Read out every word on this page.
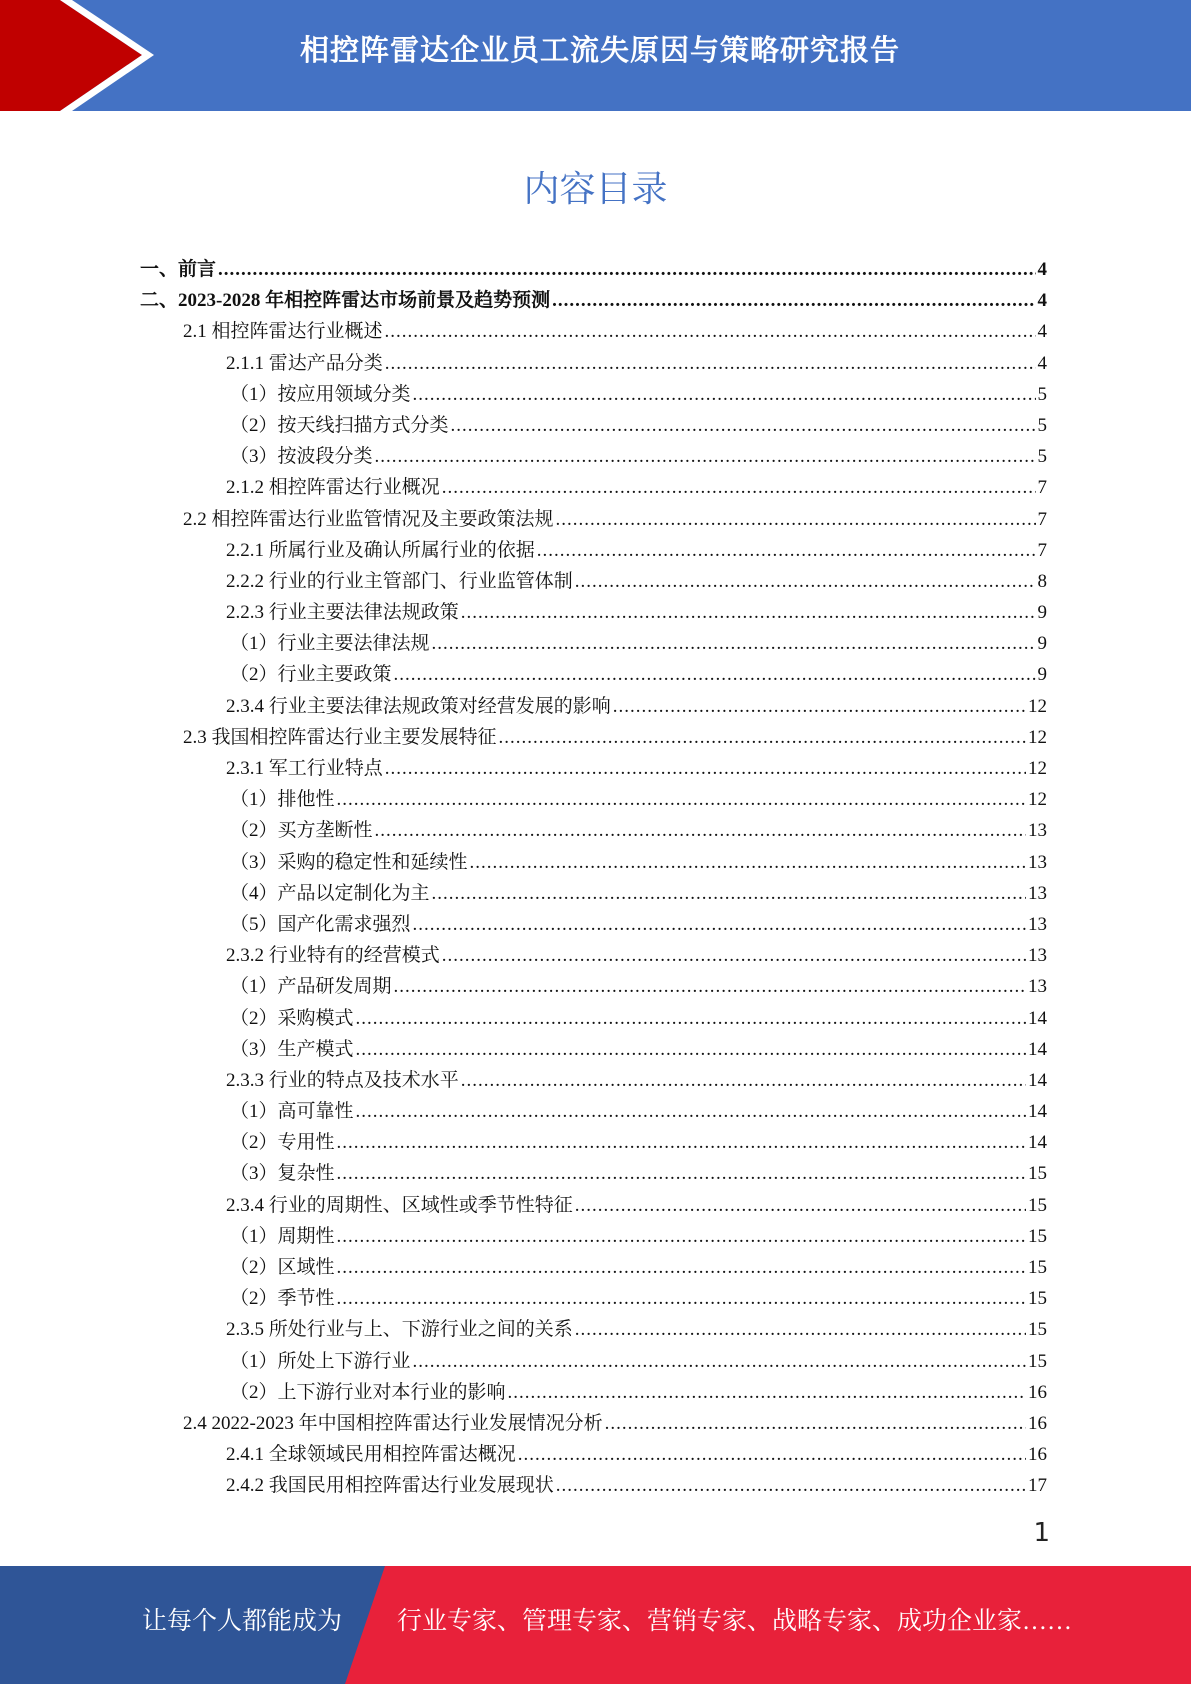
相控阵雷达企业员工流失原因与策略研究报告
内容目录
一、前言 .....	4
二、2023-2028 年相控阵雷达市场前景及趋势预测 .....	4
2.1 相控阵雷达行业概述 .....	4
2.1.1 雷达产品分类 .....	4
（1）按应用领域分类 .....	5
（2）按天线扫描方式分类 .....	5
（3）按波段分类 .....	5
2.1.2 相控阵雷达行业概况 .....	7
2.2 相控阵雷达行业监管情况及主要政策法规 .....	7
2.2.1 所属行业及确认所属行业的依据 .....	7
2.2.2 行业的行业主管部门、行业监管体制 .....	8
2.2.3 行业主要法律法规政策 .....	9
（1）行业主要法律法规 .....	9
（2）行业主要政策 .....	9
2.3.4 行业主要法律法规政策对经营发展的影响 .....	12
2.3 我国相控阵雷达行业主要发展特征 .....	12
2.3.1 军工行业特点 .....	12
（1）排他性 .....	12
（2）买方垄断性 .....	13
（3）采购的稳定性和延续性 .....	13
（4）产品以定制化为主 .....	13
（5）国产化需求强烈 .....	13
2.3.2 行业特有的经营模式 .....	13
（1）产品研发周期 .....	13
（2）采购模式 .....	14
（3）生产模式 .....	14
2.3.3 行业的特点及技术水平 .....	14
（1）高可靠性 .....	14
（2）专用性 .....	14
（3）复杂性 .....	15
2.3.4 行业的周期性、区域性或季节性特征 .....	15
（1）周期性 .....	15
（2）区域性 .....	15
（2）季节性 .....	15
2.3.5 所处行业与上、下游行业之间的关系 .....	15
（1）所处上下游行业 .....	15
（2）上下游行业对本行业的影响 .....	16
2.4 2022-2023 年中国相控阵雷达行业发展情况分析 .....	16
2.4.1 全球领域民用相控阵雷达概况 .....	16
2.4.2 我国民用相控阵雷达行业发展现状 .....	17
1
让每个人都能成为 行业专家、管理专家、营销专家、战略专家、成功企业家……
